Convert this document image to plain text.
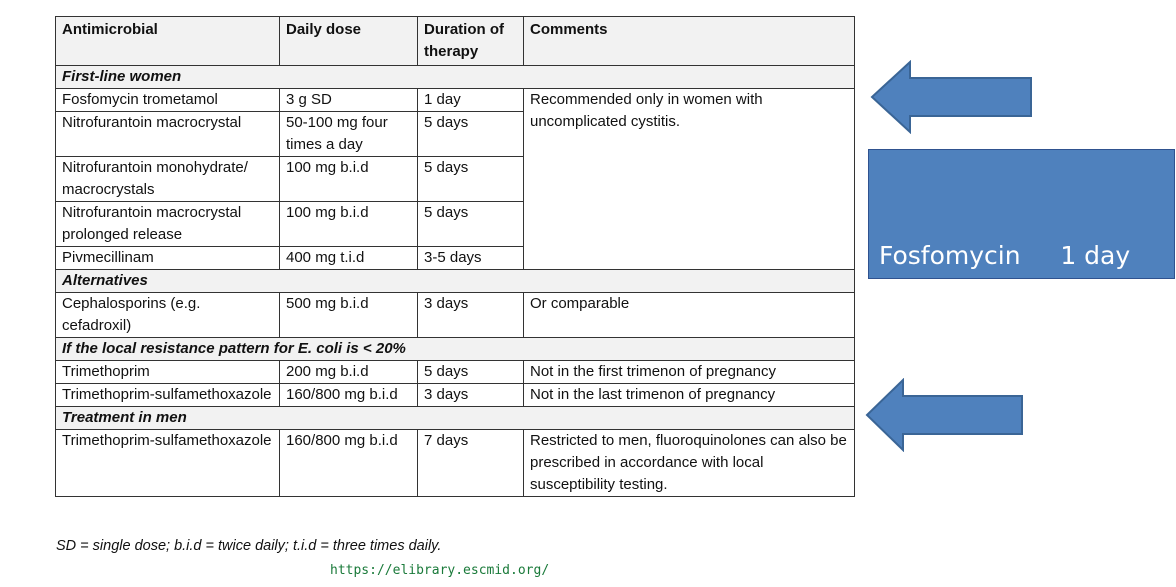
Antimicrobial	Daily dose	Duration of therapy	Comments
First-line women			
Fosfomycin trometamol	3 g SD	1 day	Recommended only in women with uncomplicated cystitis.
Nitrofurantoin macrocrystal	50-100 mg four times a day	5 days	
Nitrofurantoin monohydrate/ macrocrystals	100 mg b.i.d	5 days	
Nitrofurantoin macrocrystal prolonged release	100 mg b.i.d	5 days	
Pivmecillinam	400 mg t.i.d	3-5 days	
Alternatives			
Cephalosporins (e.g. cefadroxil)	500 mg b.i.d	3 days	Or comparable
If the local resistance pattern for E. coli is < 20%			
Trimethoprim	200 mg b.i.d	5 days	Not in the first trimenon of pregnancy
Trimethoprim-sulfamethoxazole	160/800 mg b.i.d	3 days	Not in the last trimenon of pregnancy
Treatment in men			
Trimethoprim-sulfamethoxazole	160/800 mg b.i.d	7 days	Restricted to men, fluoroquinolones can also be prescribed in accordance with local susceptibility testing.
SD = single dose; b.i.d = twice daily; t.i.d = three times daily.
https://elibrary.escmid.org/

Fosfomycin     1 day

TMP/SMX  3 days

Nitrofurantoin 5 days
